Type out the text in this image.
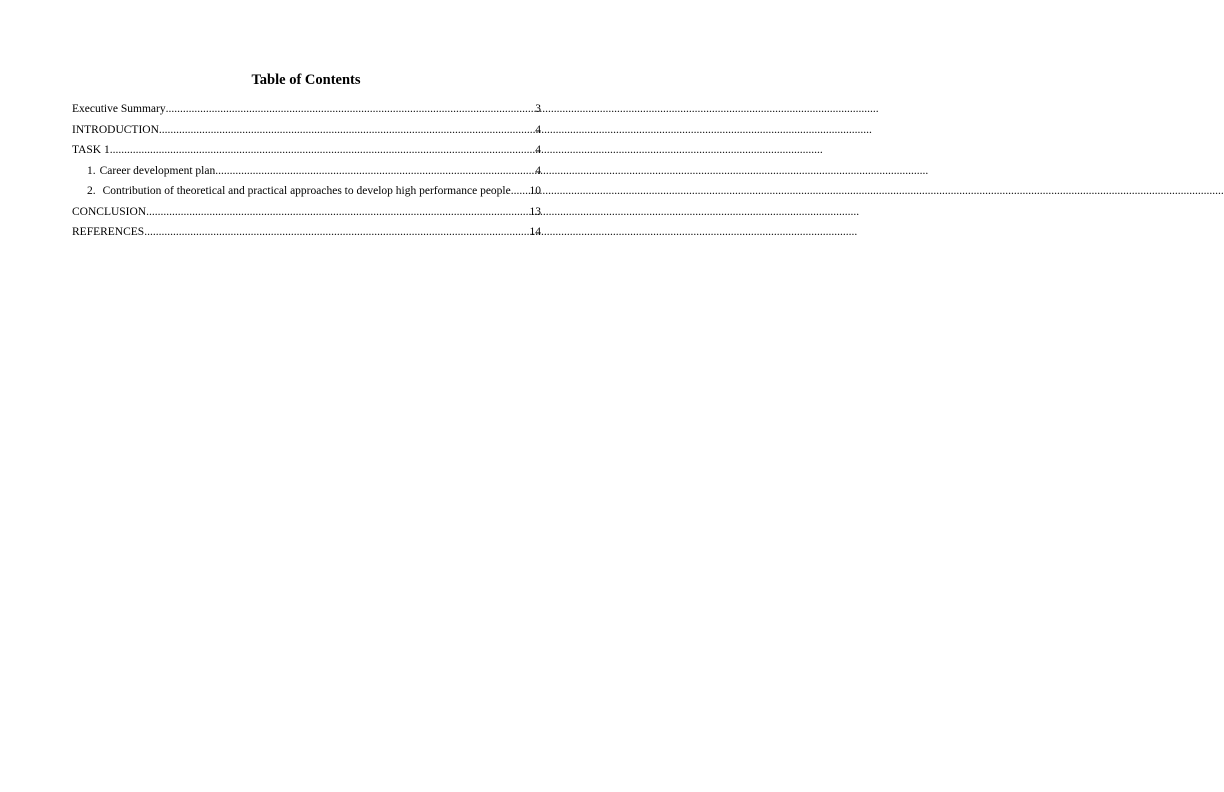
Table of Contents
Executive Summary .....	3
INTRODUCTION .....	4
TASK 1 .....	4
1. Career development plan .....	4
2. Contribution of theoretical and practical approaches to develop high performance people ..... 10
CONCLUSION .....	13
REFERENCES .....	14
